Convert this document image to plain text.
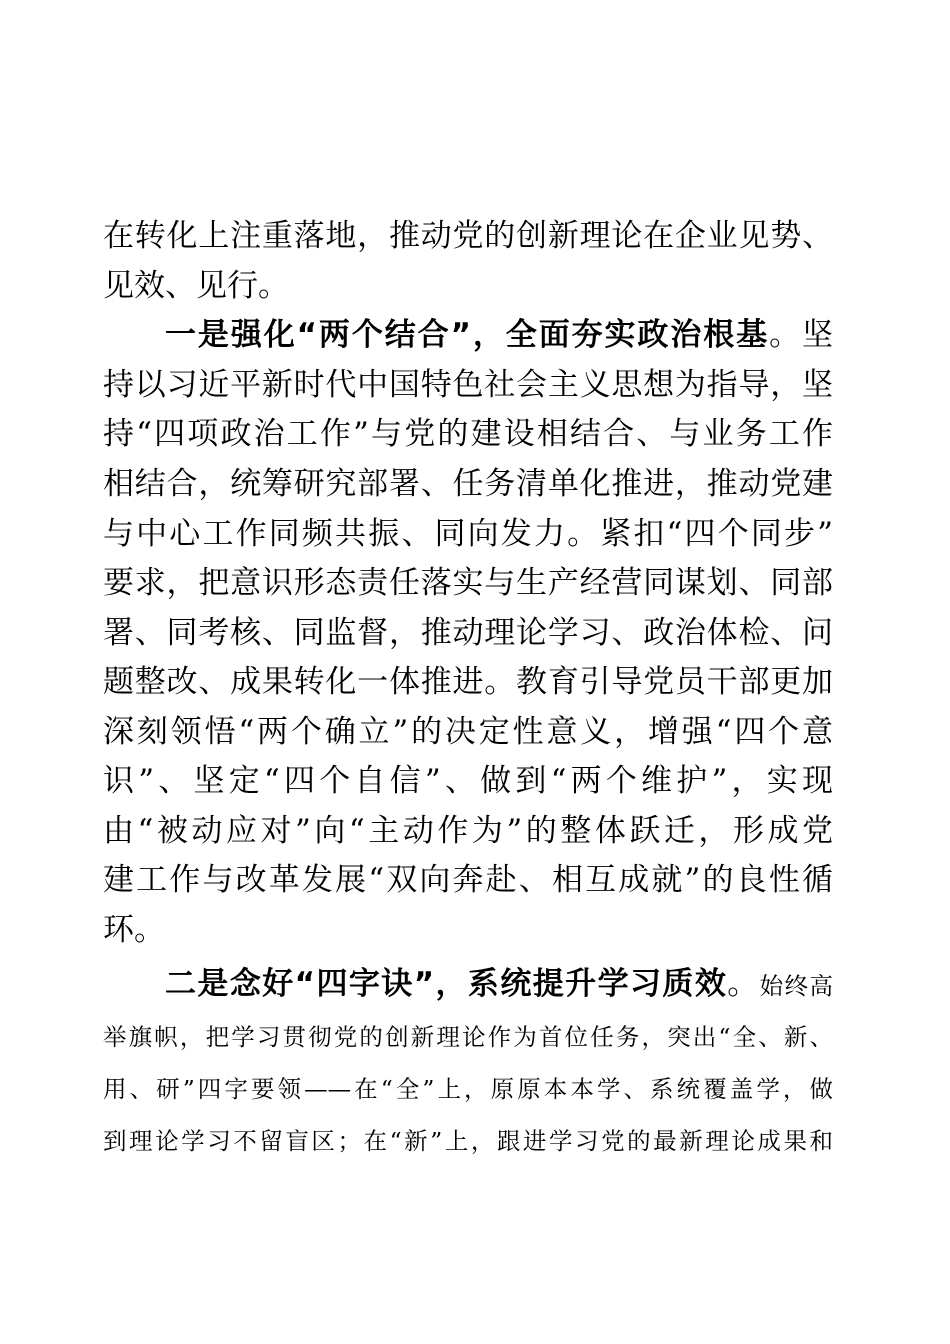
在转化上注重落地，推动党的创新理论在企业见势、
见效、见行。
一是强化“两个结合”，全面夯实政治根基。坚
持以习近平新时代中国特色社会主义思想为指导，坚
持“四项政治工作”与党的建设相结合、与业务工作
相结合，统筹研究部署、任务清单化推进，推动党建
与中心工作同频共振、同向发力。紧扣“四个同步”
要求，把意识形态责任落实与生产经营同谋划、同部
署、同考核、同监督，推动理论学习、政治体检、问
题整改、成果转化一体推进。教育引导党员干部更加
深刻领悟“两个确立”的决定性意义，增强“四个意
识”、坚定“四个自信”、做到“两个维护”，实现
由“被动应对”向“主动作为”的整体跃迁，形成党
建工作与改革发展“双向奔赴、相互成就”的良性循
环。
二是念好“四字诀”，系统提升学习质效。始终高
举旗帜，把学习贯彻党的创新理论作为首位任务，突出“全、新、
用、研”四字要领——在“全”上，原原本本学、系统覆盖学，做
到理论学习不留盲区；在“新”上，跟进学习党的最新理论成果和
